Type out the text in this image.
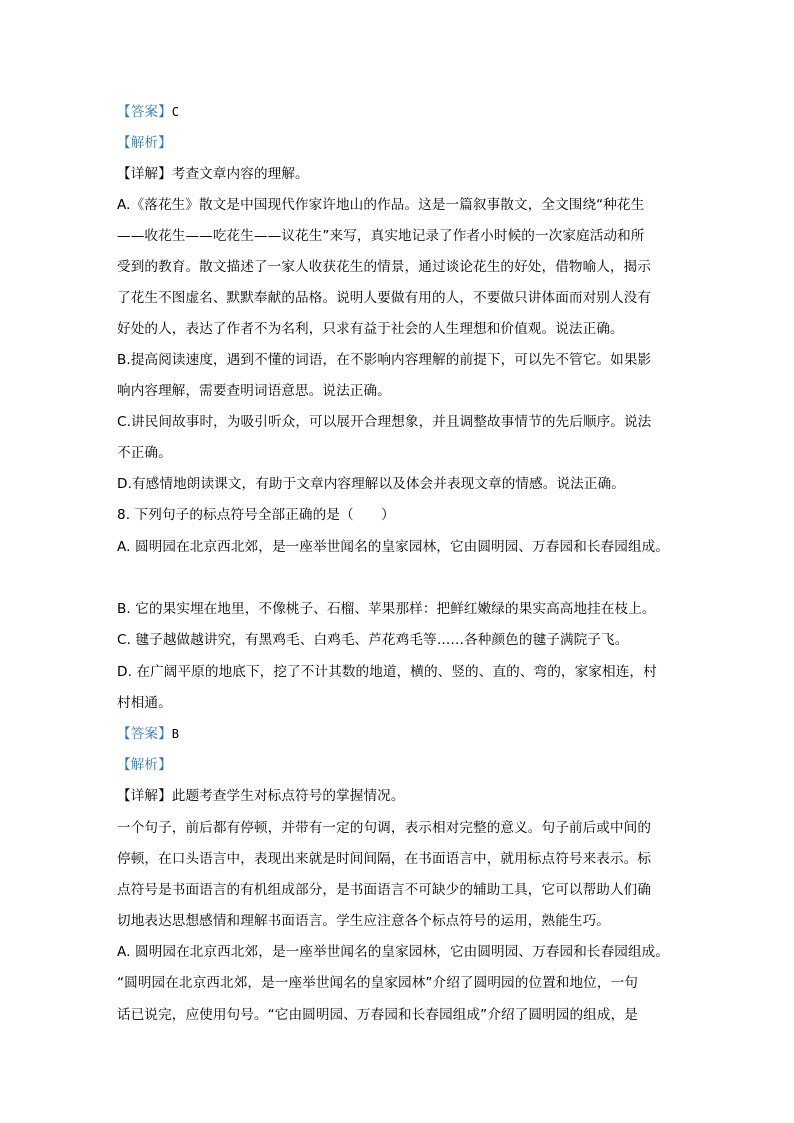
【答案】C
【解析】
【详解】考查文章内容的理解。
A.《落花生》散文是中国现代作家许地山的作品。这是一篇叙事散文，全文围绕“种花生
——收花生——吃花生——议花生”来写，真实地记录了作者小时候的一次家庭活动和所
受到的教育。散文描述了一家人收获花生的情景，通过谈论花生的好处，借物喻人，揭示
了花生不图虚名、默默奉献的品格。说明人要做有用的人，不要做只讲体面而对别人没有
好处的人，表达了作者不为名利，只求有益于社会的人生理想和价值观。说法正确。
B.提高阅读速度，遇到不懂的词语，在不影响内容理解的前提下，可以先不管它。如果影
响内容理解，需要查明词语意思。说法正确。
C.讲民间故事时，为吸引听众，可以展开合理想象，并且调整故事情节的先后顺序。说法
不正确。
D.有感情地朗读课文，有助于文章内容理解以及体会并表现文章的情感。说法正确。
8. 下列句子的标点符号全部正确的是（　　）
A. 圆明园在北京西北郊，是一座举世闻名的皇家园林，它由圆明园、万春园和长春园组成。
B. 它的果实埋在地里，不像桃子、石榴、苹果那样：把鲜红嫩绿的果实高高地挂在枝上。
C. 毽子越做越讲究，有黑鸡毛、白鸡毛、芦花鸡毛等……各种颜色的毽子满院子飞。
D. 在广阔平原的地底下，挖了不计其数的地道，横的、竖的、直的、弯的，家家相连，村
村相通。
【答案】B
【解析】
【详解】此题考查学生对标点符号的掌握情况。
一个句子，前后都有停顿，并带有一定的句调，表示相对完整的意义。句子前后或中间的
停顿，在口头语言中，表现出来就是时间间隔，在书面语言中，就用标点符号来表示。标
点符号是书面语言的有机组成部分，是书面语言不可缺少的辅助工具，它可以帮助人们确
切地表达思想感情和理解书面语言。学生应注意各个标点符号的运用，熟能生巧。
A. 圆明园在北京西北郊，是一座举世闻名的皇家园林，它由圆明园、万春园和长春园组成。
“圆明园在北京西北郊，是一座举世闻名的皇家园林”介绍了圆明园的位置和地位，一句
话已说完，应使用句号。“它由圆明园、万春园和长春园组成”介绍了圆明园的组成，是
